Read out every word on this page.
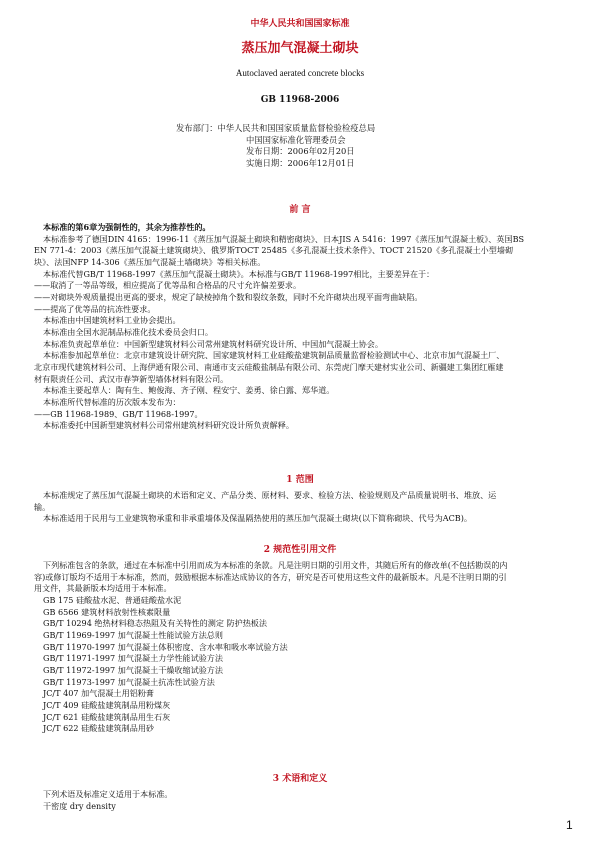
中华人民共和国国家标准
蒸压加气混凝土砌块
Autoclaved aerated concrete blocks
GB 11968-2006
发布部门：中华人民共和国国家质量监督检验检疫总局
中国国家标准化管理委员会
发布日期：2006年02月20日
实施日期：2006年12月01日
前 言

本标准的第6章为强制性的，其余为推荐性的。

本标准参考了德国DIN 4165：1996-11《蒸压加气混凝土砌块和精密砌块》、日本JIS A 5416：1997《蒸压加气混凝土板》、英国BS

EN 771-4：2003《蒸压加气混凝土建筑砌块》、俄罗斯TOCT 25485《多孔混凝土技术条件》、TOCT 21520《多孔混凝土小型墙砌

块》、法国NFP 14-306《蒸压加气混凝土墙砌块》等相关标准。

本标准代替GB/T 11968-1997《蒸压加气混凝土砌块》。本标准与GB/T 11968-1997相比，主要差异在于：

——取消了一等品等级，相应提高了优等品和合格品的尺寸允许偏差要求。

——对砌块外观质量提出更高的要求，规定了缺棱掉角个数和裂纹条数，同时不允许砌块出现平面弯曲缺陷。

——提高了优等品的抗冻性要求。

本标准由中国建筑材料工业协会提出。

本标准由全国水泥制品标准化技术委员会归口。

本标准负责起草单位：中国新型建筑材料公司常州建筑材料研究设计所、中国加气混凝土协会。

本标准参加起草单位：北京市建筑设计研究院、国家建筑材料工业硅酸盐建筑制品质量监督检验测试中心、北京市加气混凝土厂、

北京市现代建筑材料公司、上海伊通有限公司、南通市支云硅酸盐制品有限公司、东莞虎门摩天建材实业公司、新疆建工集团红雁建

材有限责任公司、武汉市春笋新型墙体材料有限公司。

本标准主要起草人：陶有生、鲍俊海、齐子刚、程安宁、姜勇、徐白露、郑华道。

本标准所代替标准的历次版本发布为：

——GB 11968-1989、GB/T 11968-1997。

本标准委托中国新型建筑材料公司常州建筑材料研究设计所负责解释。

1 范围

本标准规定了蒸压加气混凝土砌块的术语和定义、产品分类、原材料、要求、检验方法、检验规则及产品质量说明书、堆放、运

输。

本标准适用于民用与工业建筑物承重和非承重墙体及保温隔热使用的蒸压加气混凝土砌块(以下简称砌块、代号为ACB)。

2 规范性引用文件

下列标准包含的条款，通过在本标准中引用而成为本标准的条款。凡是注明日期的引用文件，其随后所有的修改单(不包括勘误的内

容)或修订版均不适用于本标准，然而，鼓励根据本标准达成协议的各方，研究是否可使用这些文件的最新版本。凡是不注明日期的引

用文件，其最新版本均适用于本标准。

GB 175 硅酸盐水泥、普通硅酸盐水泥

GB 6566 建筑材料放射性核素限量

GB/T 10294 绝热材料稳态热阻及有关特性的测定 防护热板法

GB/T 11969-1997 加气混凝土性能试验方法总则

GB/T 11970-1997 加气混凝土体积密度、含水率和吸水率试验方法

GB/T 11971-1997 加气混凝土力学性能试验方法

GB/T 11972-1997 加气混凝土干燥收缩试验方法

GB/T 11973-1997 加气混凝土抗冻性试验方法

JC/T 407 加气混凝土用铝粉膏

JC/T 409 硅酸盐建筑制品用粉煤灰

JC/T 621 硅酸盐建筑制品用生石灰

JC/T 622 硅酸盐建筑制品用砂

3 术语和定义

下列术语及标准定义适用于本标准。

干密度 dry density

1
